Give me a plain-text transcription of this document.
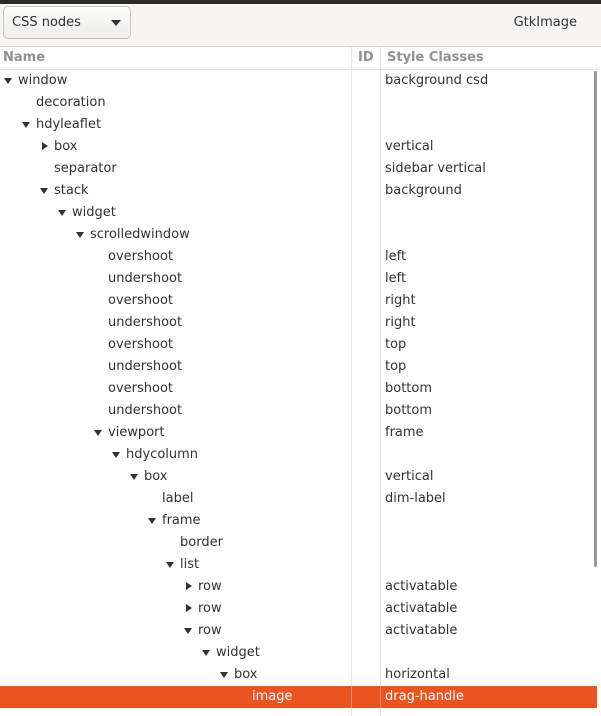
CSS nodes	GtkImage
Name	ID Style Classes
window	background csd
decoration
hdyleaflet
box	vertical
separator	sidebar vertical
stack	background
widget
scrolledwindow
overshoot	left
undershoot	left
overshoot	right
undershoot	right
overshoot	top
undershoot	top
overshoot	bottom
undershoot	bottom
viewport	frame
hdycolumn
box	vertical
label	dim-label
frame
border
list
row	activatable
row	activatable
row	activatable
widget
box	horizontal
image	drag-handle
